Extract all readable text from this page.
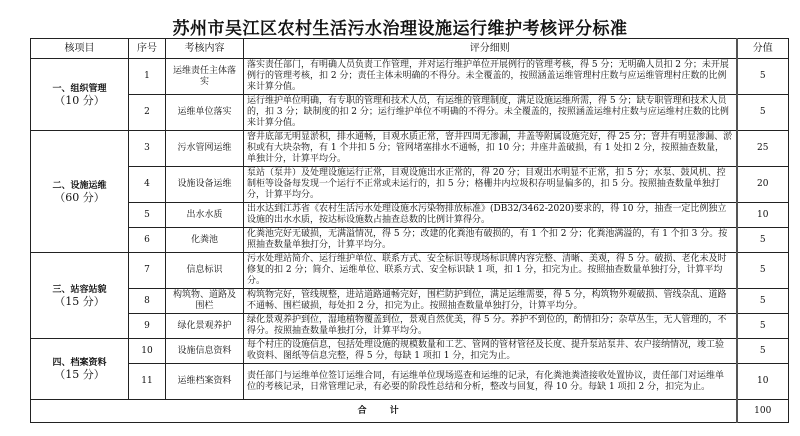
苏州市吴江区农村生活污水治理设施运行维护考核评分标准
核项目	序号	考核内容	评分细则	分值

一、组织管理
（10 分）	1	运维责任主体落实	落实责任部门，有明确人员负责工作管理，并对运行维护单位开展例行的管理考核，得 5 分；无明确人员扣 2 分；未开展例行的管理考核，扣 2 分；责任主体未明确的不得分。未全覆盖的，按照涵盖运维管理村庄数与应运维管理村庄数的比例来计算分值。	5
	2	运维单位落实	运行维护单位明确，有专职的管理和技术人员，有运维的管理制度，满足设施运维所需，得 5 分；缺专职管理和技术人员的，扣 3 分；缺制度的扣 2 分；运行维护单位不明确的不得分。未全覆盖的，按照涵盖运维村庄数与应运维村庄数的比例来计算分值。	5

二、设施运维
（60 分）	3	污水管网运维	窨井底部无明显淤积，排水通畅，目观水质正常，窨井四周无渗漏，井盖等附属设施完好，得 25 分；窨井有明显渗漏、淤积或有大块杂物，有 1 个井扣 5 分；管网堵塞排水不通畅，扣 10 分；井座井盖破损，有 1 处扣 2 分，按照抽查数量，单独计分，计算平均分。	25
	4	设施设备运维	泵站（泵井）及处理设施运行正常，目观设施出水正常的，得 20 分；目观出水明显不正常，扣 5 分；水泵、鼓风机、控制柜等设备每发现一个运行不正常或未运行的，扣 5 分；格栅井内垃圾积存明显偏多的，扣 5 分。按照抽查数量单独打分，计算平均分。	20
	5	出水水质	出水达到江苏省《农村生活污水处理设施水污染物排放标准》(DB32/3462-2020)要求的，得 10 分，抽查一定比例独立设施的出水水质，按达标设施数占抽查总数的比例计算得分。	10
	6	化粪池	化粪池完好无破损，无满溢情况，得 5 分；改建的化粪池有破损的，有 1 个扣 2 分；化粪池满溢的，有 1 个扣 3 分。按照抽查数量单独打分，计算平均分。	5

三、站容站貌
（15 分）	7	信息标识	污水处理站简介、运行维护单位、联系方式、安全标识等现场标识牌内容完整、清晰、美观，得 5 分。破损、老化未及时修复的扣 2 分；简介、运维单位、联系方式、安全标识缺 1 项，扣 1 分，扣完为止。按照抽查数量单独打分，计算平均分。	5
	8	构筑物、道路及围栏	构筑物完好，管线规整，进站道路通畅完好，围栏防护到位，满足运维需要，得 5 分，构筑物外观破损、管线杂乱、道路不通畅、围栏破损，每处扣 2 分，扣完为止。按照抽查数量单独打分，计算平均分。	5
	9	绿化景观养护	绿化景观养护到位，湿地植物覆盖到位，景观自然优美，得 5 分。养护不到位的，酌情扣分；杂草丛生，无人管理的，不得分。按照抽查数量单独打分，计算平均分。	5

四、档案资料
（15 分）	10	设施信息资料	每个村庄的设施信息，包括处理设施的规模数量和工艺、管网的管材管径及长度、提升泵站泵井、农户接纳情况，竣工验收资料、图纸等信息完整，得 5 分，每缺 1 项扣 1 分，扣完为止。	5
	11	运维档案资料	责任部门与运维单位签订运维合同，有运维单位现场巡查和运维的记录，有化粪池粪渣接收处置协议，责任部门对运维单位的考核记录，日常管理记录，有必要的阶段性总结和分析，整改与回复，得 10 分。每缺 1 项扣 2 分，扣完为止。	10
合 计				100
